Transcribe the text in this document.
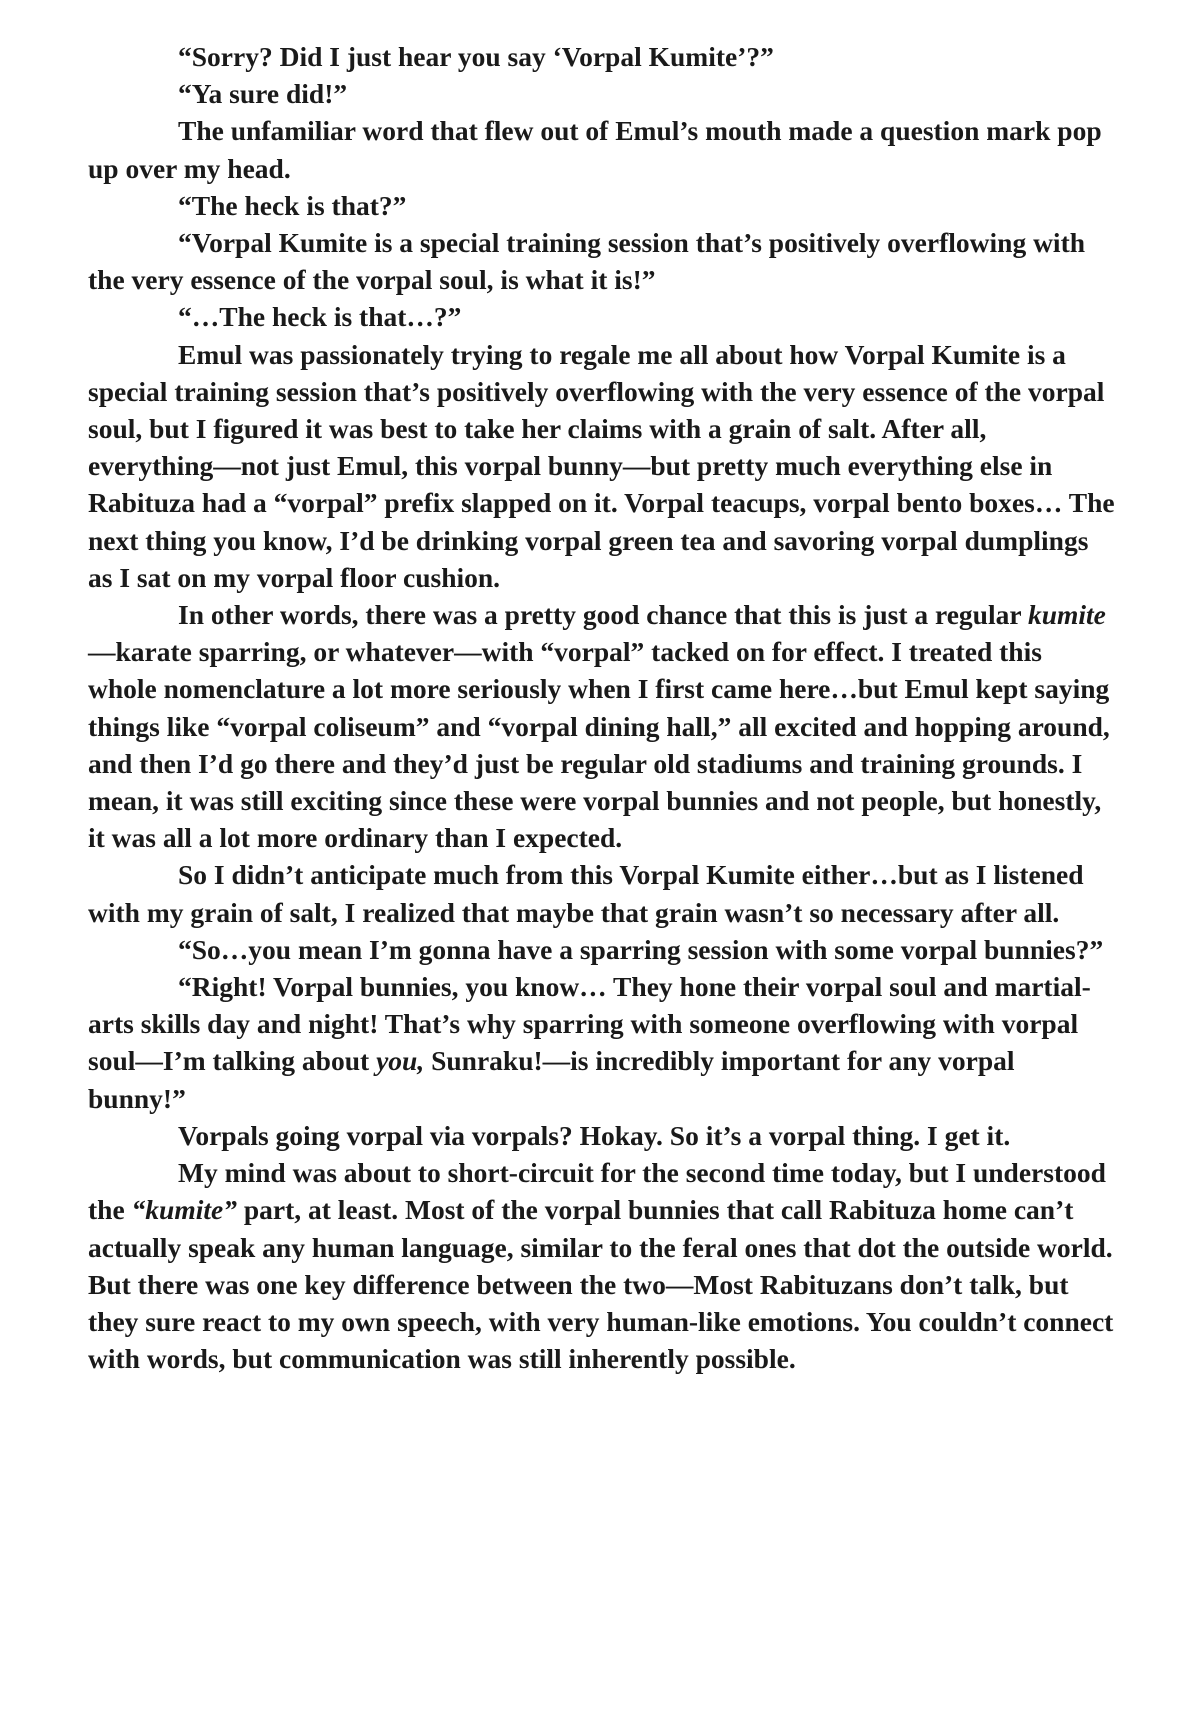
“Sorry? Did I just hear you say ‘Vorpal Kumite’?”

“Ya sure did!”

The unfamiliar word that flew out of Emul’s mouth made a question mark pop up over my head.

“The heck is that?”

“Vorpal Kumite is a special training session that’s positively overflowing with the very essence of the vorpal soul, is what it is!”

“…The heck is that…?”

Emul was passionately trying to regale me all about how Vorpal Kumite is a special training session that’s positively overflowing with the very essence of the vorpal soul, but I figured it was best to take her claims with a grain of salt. After all, everything—not just Emul, this vorpal bunny—but pretty much everything else in Rabituza had a “vorpal” prefix slapped on it. Vorpal teacups, vorpal bento boxes… The next thing you know, I’d be drinking vorpal green tea and savoring vorpal dumplings as I sat on my vorpal floor cushion.

In other words, there was a pretty good chance that this is just a regular kumite—karate sparring, or whatever—with “vorpal” tacked on for effect. I treated this whole nomenclature a lot more seriously when I first came here…but Emul kept saying things like “vorpal coliseum” and “vorpal dining hall,” all excited and hopping around, and then I’d go there and they’d just be regular old stadiums and training grounds. I mean, it was still exciting since these were vorpal bunnies and not people, but honestly, it was all a lot more ordinary than I expected.

So I didn’t anticipate much from this Vorpal Kumite either…but as I listened with my grain of salt, I realized that maybe that grain wasn’t so necessary after all.

“So…you mean I’m gonna have a sparring session with some vorpal bunnies?”

“Right! Vorpal bunnies, you know… They hone their vorpal soul and martial-arts skills day and night! That’s why sparring with someone overflowing with vorpal soul—I’m talking about you, Sunraku!—is incredibly important for any vorpal bunny!”

Vorpals going vorpal via vorpals? Hokay. So it’s a vorpal thing. I get it.

My mind was about to short-circuit for the second time today, but I understood the “kumite” part, at least. Most of the vorpal bunnies that call Rabituza home can’t actually speak any human language, similar to the feral ones that dot the outside world. But there was one key difference between the two—Most Rabituzans don’t talk, but they sure react to my own speech, with very human-like emotions. You couldn’t connect with words, but communication was still inherently possible.
